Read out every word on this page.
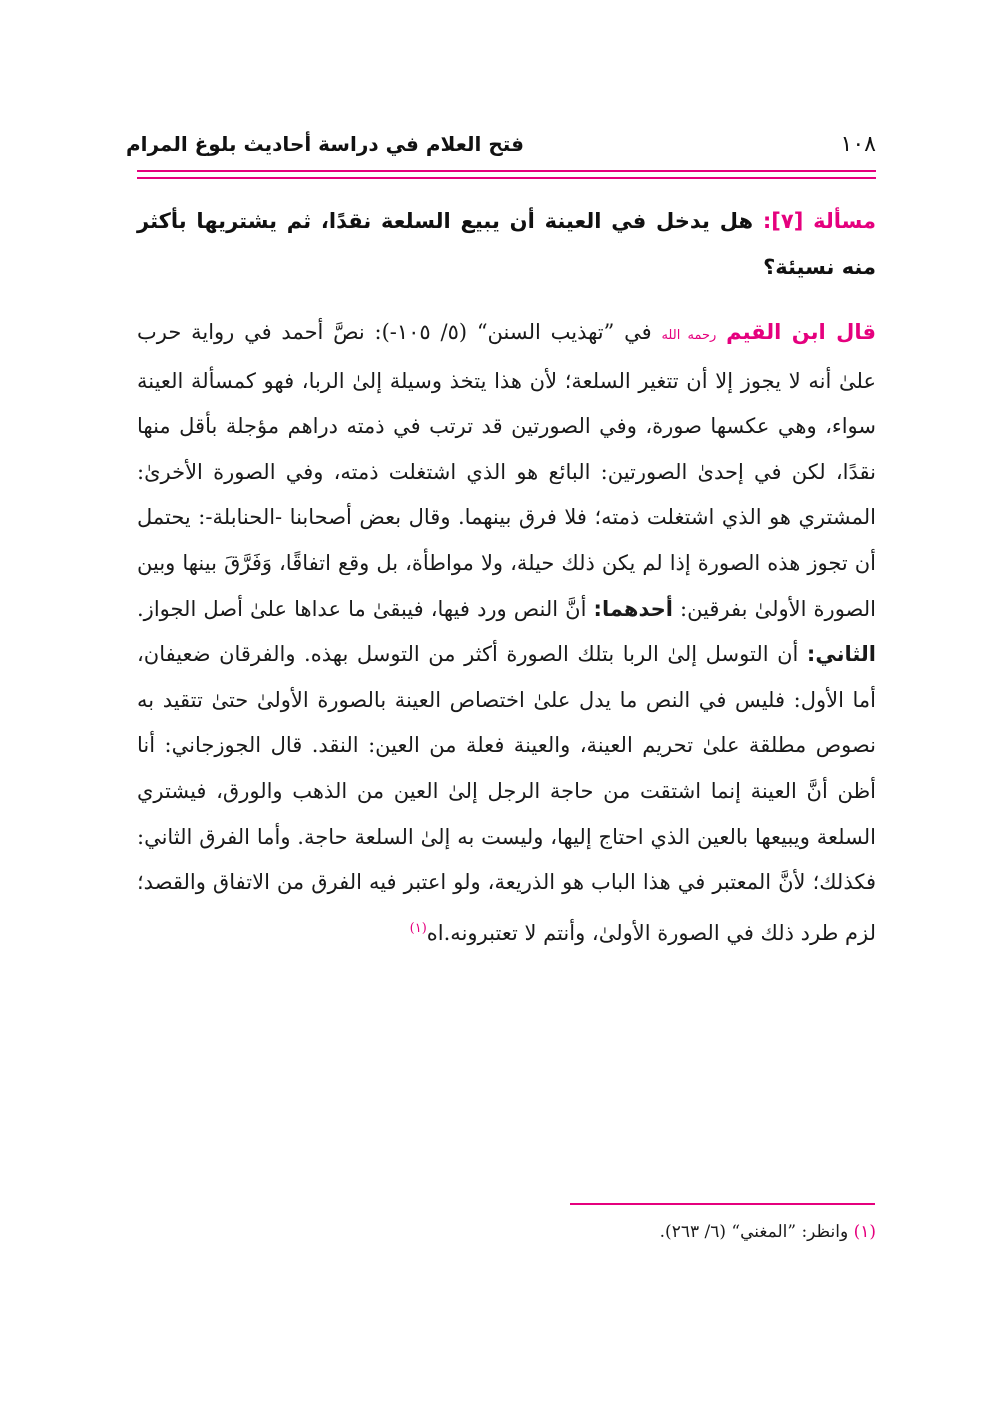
١٠٨
فتح العلام في دراسة أحاديث بلوغ المرام
مسألة [٧]: هل يدخل في العينة أن يبيع السلعة نقدًا، ثم يشتريها بأكثر منه نسيئة؟
قال ابن القيم رحمه الله في ”تهذيب السنن“ (٥/ ١٠٥-): نصَّ أحمد في رواية حرب علىٰ أنه لا يجوز إلا أن تتغير السلعة؛ لأن هذا يتخذ وسيلة إلىٰ الربا، فهو كمسألة العينة سواء، وهي عكسها صورة، وفي الصورتين قد ترتب في ذمته دراهم مؤجلة بأقل منها نقدًا، لكن في إحدىٰ الصورتين: البائع هو الذي اشتغلت ذمته، وفي الصورة الأخرىٰ: المشتري هو الذي اشتغلت ذمته؛ فلا فرق بينهما. وقال بعض أصحابنا -الحنابلة-: يحتمل أن تجوز هذه الصورة إذا لم يكن ذلك حيلة، ولا مواطأة، بل وقع اتفاقًا، وَفَرَّقَ بينها وبين الصورة الأولىٰ بفرقين: أحدهما: أنَّ النص ورد فيها، فيبقىٰ ما عداها علىٰ أصل الجواز. الثاني: أن التوسل إلىٰ الربا بتلك الصورة أكثر من التوسل بهذه. والفرقان ضعيفان، أما الأول: فليس في النص ما يدل علىٰ اختصاص العينة بالصورة الأولىٰ حتىٰ تتقيد به نصوص مطلقة علىٰ تحريم العينة، والعينة فعلة من العين: النقد. قال الجوزجاني: أنا أظن أنَّ العينة إنما اشتقت من حاجة الرجل إلىٰ العين من الذهب والورق، فيشتري السلعة ويبيعها بالعين الذي احتاج إليها، وليست به إلىٰ السلعة حاجة. وأما الفرق الثاني: فكذلك؛ لأنَّ المعتبر في هذا الباب هو الذريعة، ولو اعتبر فيه الفرق من الاتفاق والقصد؛ لزم طرد ذلك في الصورة الأولىٰ، وأنتم لا تعتبرونه.اه$^{(١)}$
(١) وانظر: ”المغني“ (٦/ ٢٦٣).
